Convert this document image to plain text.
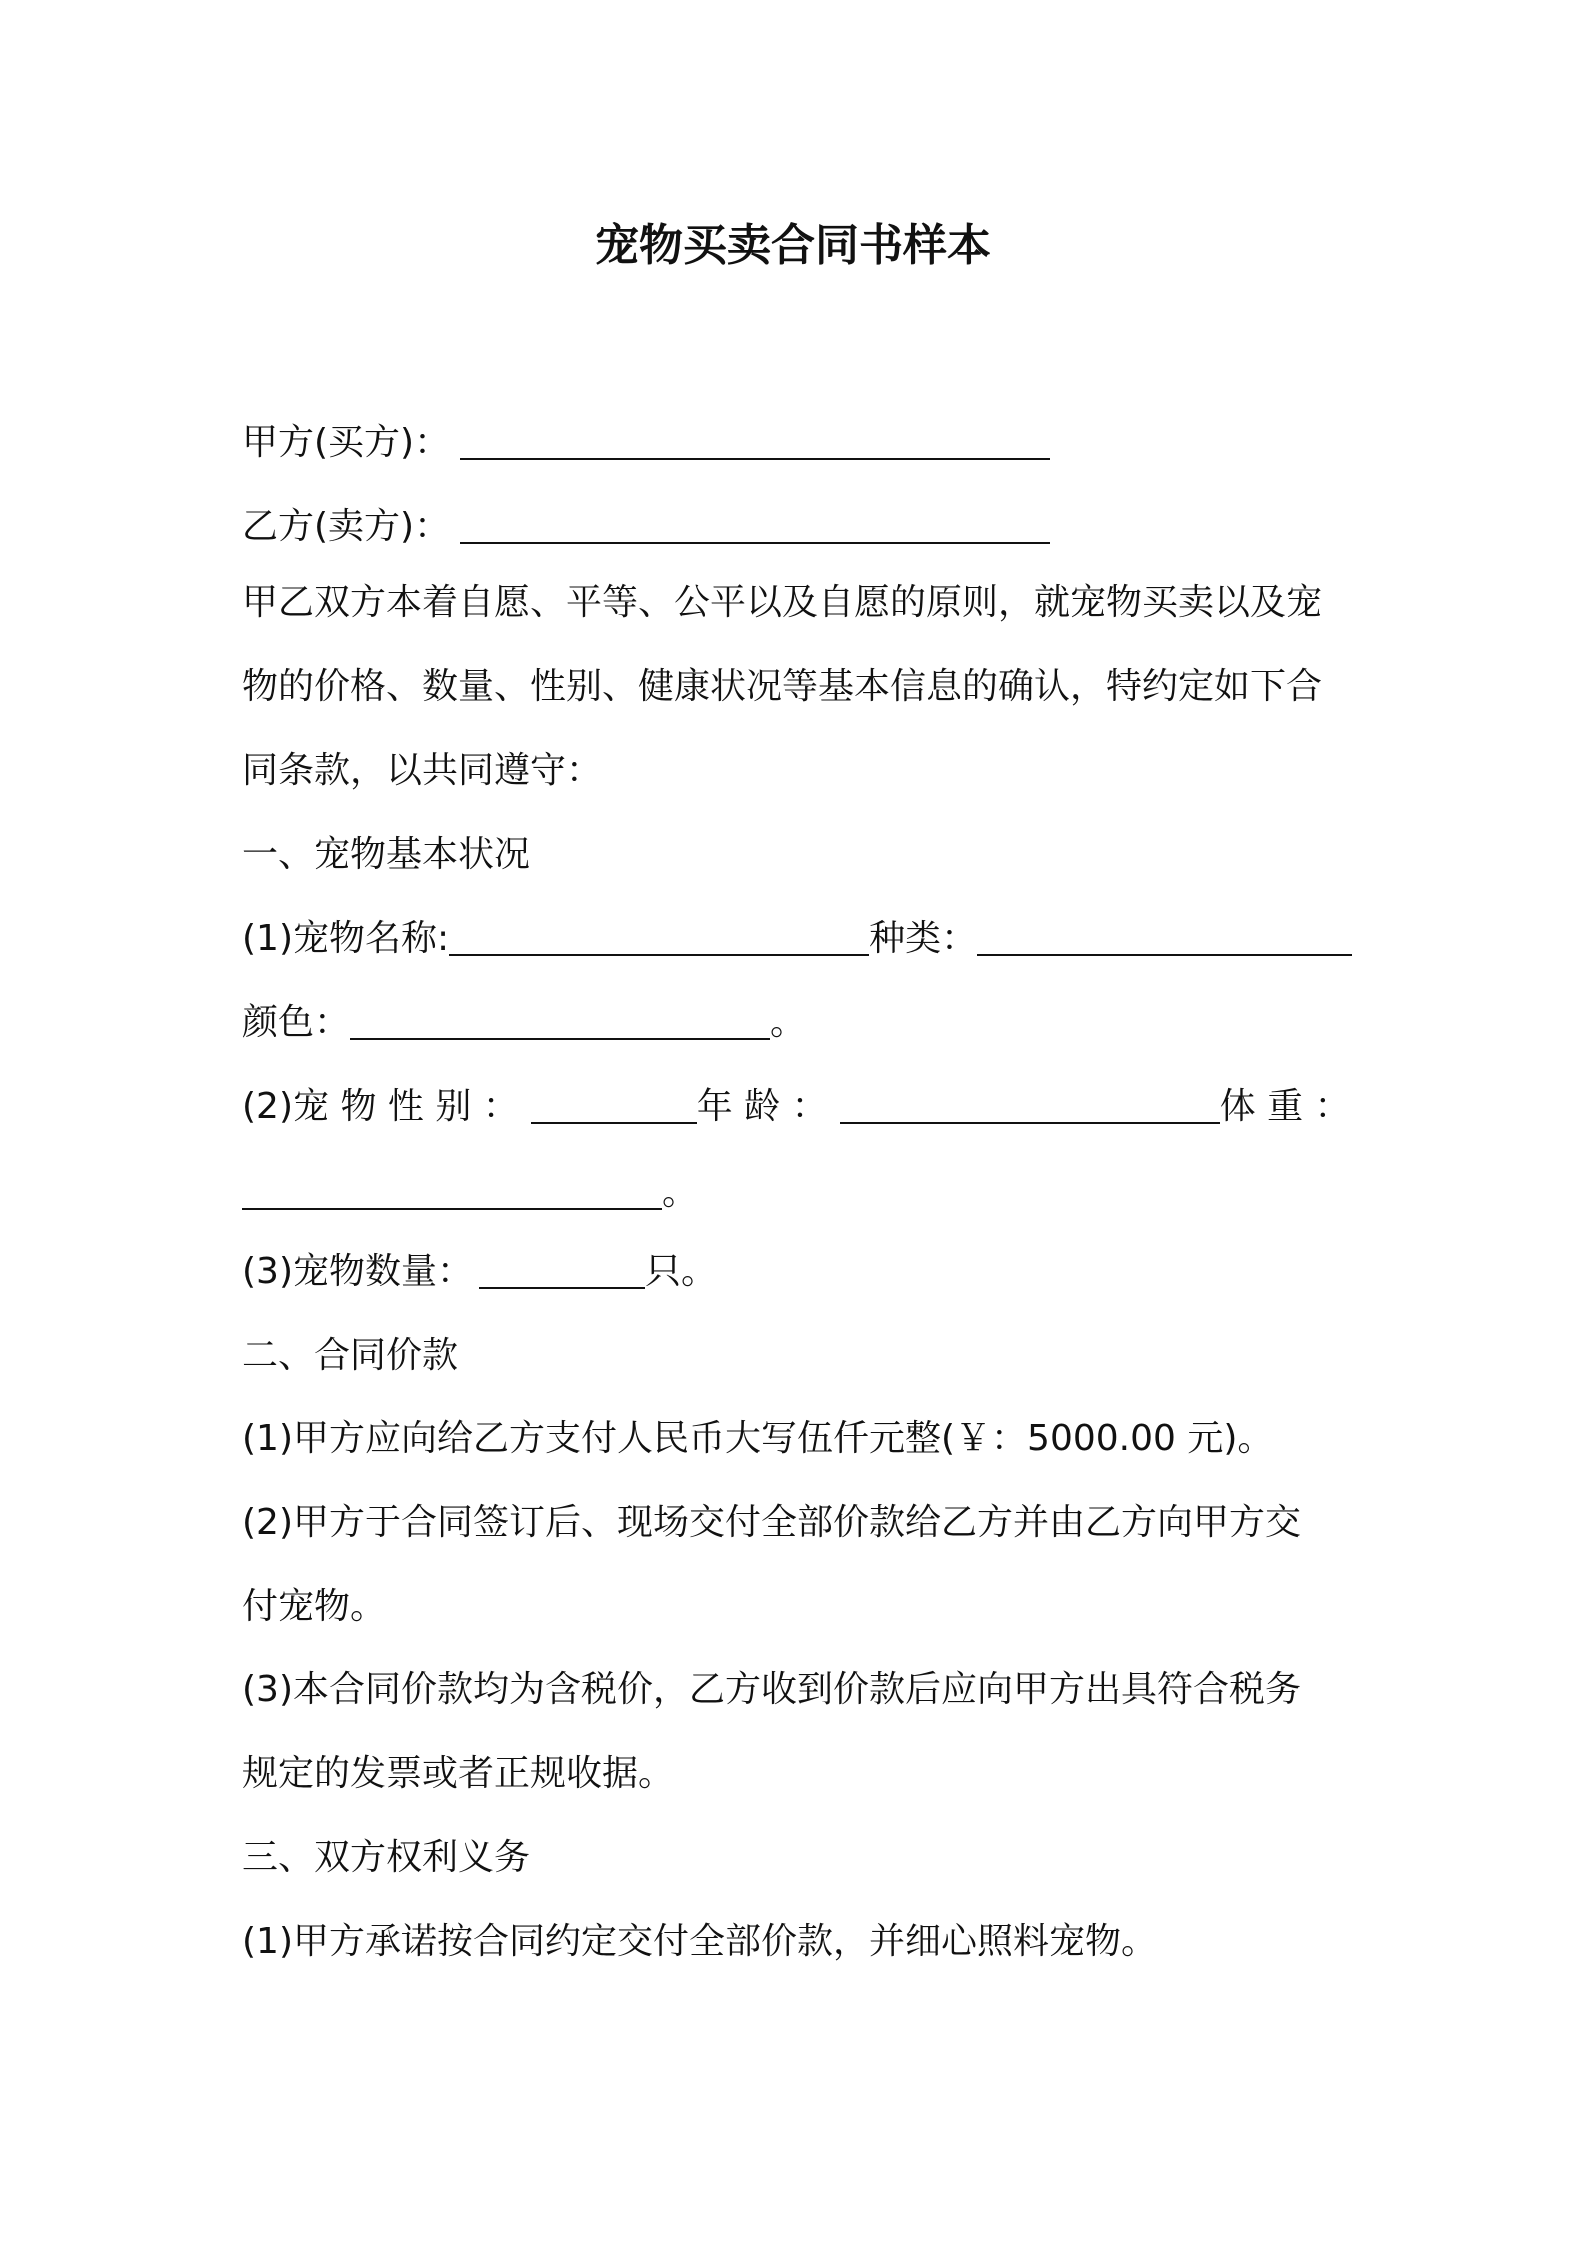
宠物买卖合同书样本
甲方(买方)：
乙方(卖方)：
甲乙双方本着自愿、平等、公平以及自愿的原则，就宠物买卖以及宠
物的价格、数量、性别、健康状况等基本信息的确认，特约定如下合
同条款，以共同遵守：
一、宠物基本状况
(1)宠物名称:	种类：
颜色：	。
(2)宠 物 性 别 ：	年 龄 ：	体 重 ：
。
(3)宠物数量：	只。
二、合同价款
(1)甲方应向给乙方支付人民币大写伍仟元整(￥：5000.00 元)。
(2)甲方于合同签订后、现场交付全部价款给乙方并由乙方向甲方交
付宠物。
(3)本合同价款均为含税价，乙方收到价款后应向甲方出具符合税务
规定的发票或者正规收据。
三、双方权利义务
(1)甲方承诺按合同约定交付全部价款，并细心照料宠物。
